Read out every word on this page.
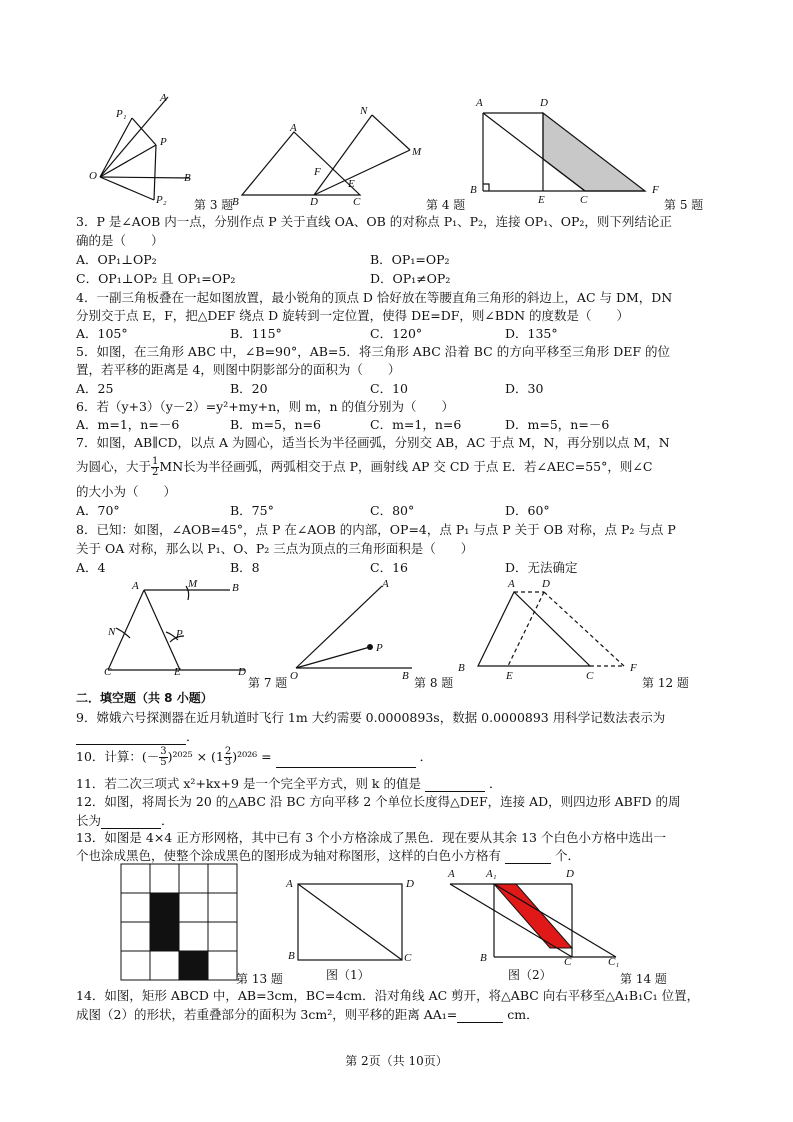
A
P₁
P
O	B
P₂ 第 3 题
A
N
M
F
E
B	D	C	第 4 题
A	D
B
E	C
F
第 5 题
3．P 是∠AOB 内一点，分别作点 P 关于直线 OA、OB 的对称点 P₁、P₂，连接 OP₁、OP₂，则下列结论正
确的是（　　）
A．OP₁⊥OP₂	B．OP₁=OP₂
C．OP₁⊥OP₂ 且 OP₁=OP₂	D．OP₁≠OP₂
4．一副三角板叠在一起如图放置，最小锐角的顶点 D 恰好放在等腰直角三角形的斜边上，AC 与 DM，DN
分别交于点 E，F，把△DEF 绕点 D 旋转到一定位置，使得 DE=DF，则∠BDN 的度数是（　　）
A．105°	B．115°	C．120°	D．135°
5．如图，在三角形 ABC 中，∠B=90°，AB=5．将三角形 ABC 沿着 BC 的方向平移至三角形 DEF 的位
置，若平移的距离是 4，则图中阴影部分的面积为（　　）
A．25	B．20	C．10	D．30
6．若（y+3）（y－2）=y²+my+n，则 m，n 的值分别为（　　）
A．m=1，n=－6	B．m=5，n=6	C．m=1，n=6	D．m=5，n=－6
7．如图，AB∥CD，以点 A 为圆心，适当长为半径画弧，分别交 AB，AC 于点 M，N，再分别以点 M，N
为圆心，大于 $\frac{1}{2}$ MN长为半径画弧，两弧相交于点 P，画射线 AP 交 CD 于点 E．若∠AEC=55°，则∠C
的大小为（　　）
A．70°	B．75°	C．80°	D．60°
8．已知：如图，∠AOB=45°，点 P 在∠AOB 的内部，OP=4，点 P₁ 与点 P 关于 OB 对称，点 P₂ 与点 P
关于 OA 对称，那么以 P₁、O、P₂ 三点为顶点的三角形面积是（　　）
A．4	B．8	C．16	D．无法确定
A	M	B
N	P
C	E	D
第 7 题
A
P
O	B 第 8 题
A D
B
E	C
F
第 12 题
二．填空题（共 8 小题）
9．嫦娥六号探测器在近月轨道时飞行 1m 大约需要 0.0000893s，数据 0.0000893 用科学记数法表示为
．
10．计算：(－ $\frac{3}{5} )^{2025} \times (1 \frac{2}{3} )^{2026}$ =	．
11．若二次三项式 x²+kx+9 是一个完全平方式，则 k 的值是	．
12．如图，将周长为 20 的△ABC 沿 BC 方向平移 2 个单位长度得△DEF，连接 AD，则四边形 ABFD 的周
长为	．
13．如图是 4×4 正方形网格，其中已有 3 个小方格涂成了黑色．现在要从其余 13 个白色小方格中选出一
个也涂成黑色，使整个涂成黑色的图形成为轴对称图形，这样的白色小方格有	个．
第 13 题
A	D
B	C
图（1）
A	A₁	D
B	C	C₁
图（2）	第 14 题
14．如图，矩形 ABCD 中，AB=3cm，BC=4cm．沿对角线 AC 剪开，将△ABC 向右平移至△A₁B₁C₁ 位置，
成图（2）的形状，若重叠部分的面积为 3cm²，则平移的距离 AA₁=	cm．
第 2页（共 10页）
